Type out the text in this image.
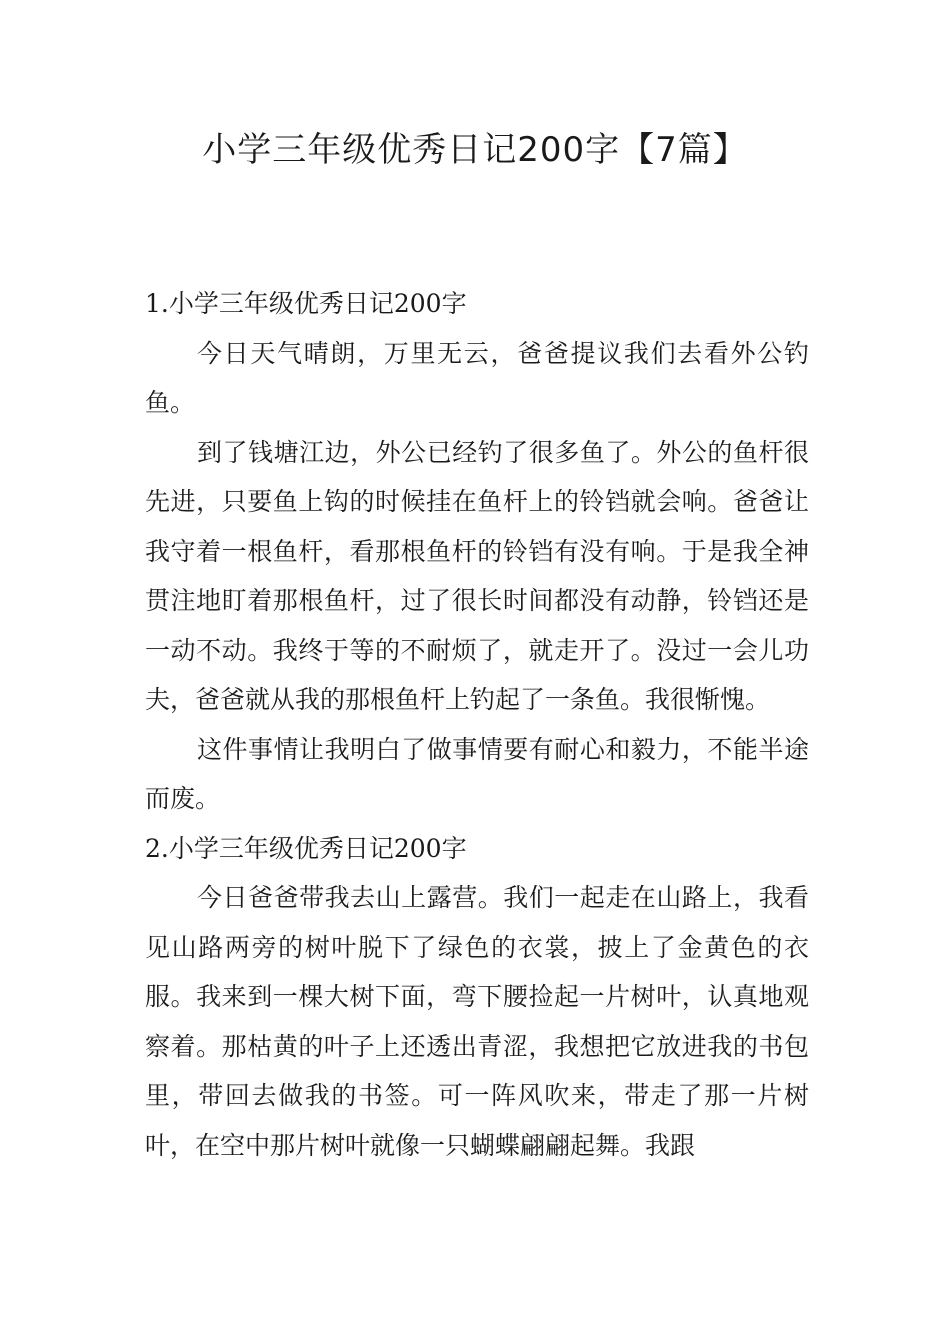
小学三年级优秀日记200字【7篇】

1.小学三年级优秀日记200字

今日天气晴朗，万里无云，爸爸提议我们去看外公钓鱼。

到了钱塘江边，外公已经钓了很多鱼了。外公的鱼杆很先进，只要鱼上钩的时候挂在鱼杆上的铃铛就会响。爸爸让我守着一根鱼杆，看那根鱼杆的铃铛有没有响。于是我全神贯注地盯着那根鱼杆，过了很长时间都没有动静，铃铛还是一动不动。我终于等的不耐烦了，就走开了。没过一会儿功夫，爸爸就从我的那根鱼杆上钓起了一条鱼。我很惭愧。

这件事情让我明白了做事情要有耐心和毅力，不能半途而废。

2.小学三年级优秀日记200字

今日爸爸带我去山上露营。我们一起走在山路上，我看见山路两旁的树叶脱下了绿色的衣裳，披上了金黄色的衣服。我来到一棵大树下面，弯下腰捡起一片树叶，认真地观察着。那枯黄的叶子上还透出青涩，我想把它放进我的书包里，带回去做我的书签。可一阵风吹来，带走了那一片树叶，在空中那片树叶就像一只蝴蝶翩翩起舞。我跟
